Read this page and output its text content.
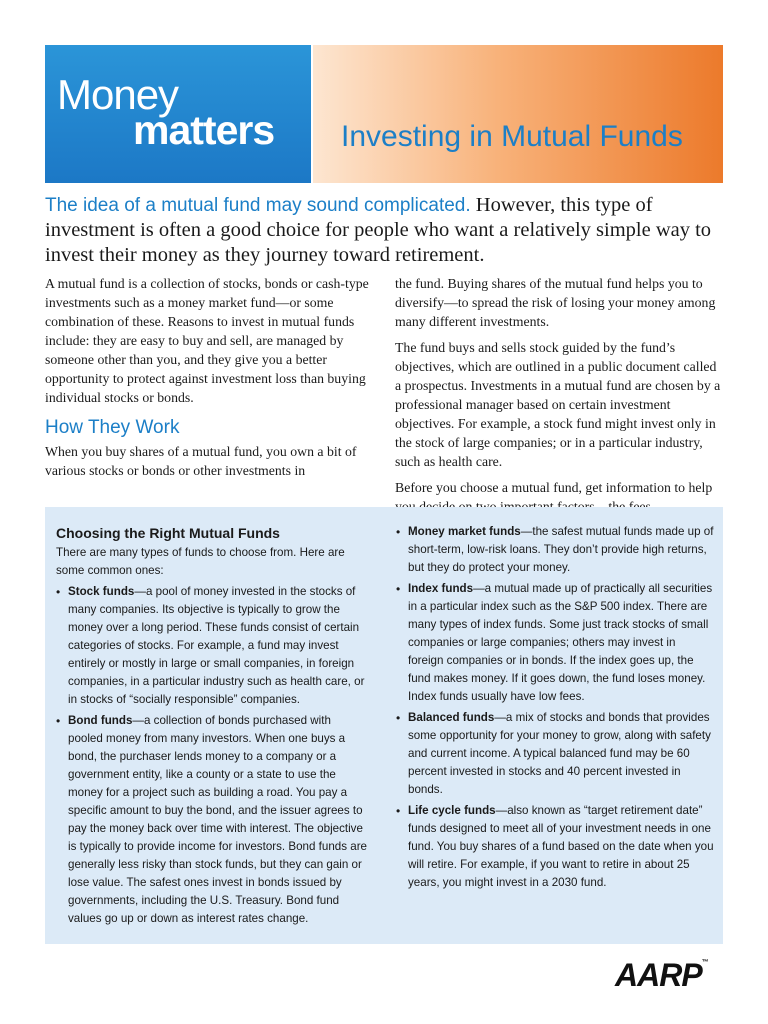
Money
matters Investing in Mutual Funds
The idea of a mutual fund may sound complicated. However, this type of investment is often a good choice for people who want a relatively simple way to invest their money as they journey toward retirement.

A mutual fund is a collection of stocks, bonds or cash-type investments such as a money market fund—or some combination of these. Reasons to invest in mutual funds include: they are easy to buy and sell, are managed by someone other than you, and they give you a better opportunity to protect against investment loss than buying individual stocks or bonds.

How They Work

When you buy shares of a mutual fund, you own a bit of various stocks or bonds or other investments in

the fund. Buying shares of the mutual fund helps you to diversify—to spread the risk of losing your money among many different investments.

The fund buys and sells stock guided by the fund’s objectives, which are outlined in a public document called a prospectus. Investments in a mutual fund are chosen by a professional manager based on certain investment objectives. For example, a stock fund might invest only in the stock of large companies; or in a particular industry, such as health care.

Before you choose a mutual fund, get information to help

Choosing the Right Mutual Funds

There are many types of funds to choose from. Here are some common ones:

• Stock funds—a pool of money invested in the stocks of many companies. Its objective is typically to grow the money over a long period. These funds consist of certain categories of stocks. For example, a fund may invest entirely or mostly in large or small companies, in foreign companies, in a particular industry such as health care, or in stocks of “socially responsible” companies.
• Bond funds—a collection of bonds purchased with pooled money from many investors. When one buys a bond, the purchaser lends money to a company or a government entity, like a county or a state to use the money for a project such as building a road. You pay a specific amount to buy the bond, and the issuer agrees to pay the money back over time with interest. The objective is typically to provide income for investors. Bond funds are generally less risky than stock funds, but they can gain or lose value. The safest ones invest in bonds issued by governments, including the U.S. Treasury. Bond fund values go up or down as interest rates change.
• Money market funds—the safest mutual funds made up of short-term, low-risk loans. They don’t provide high returns, but they do protect your money.
• Index funds—a mutual made up of practically all securities in a particular index such as the S&P 500 index. There are many types of index funds. Some just track stocks of small companies or large companies; others may invest in foreign companies or in bonds. If the index goes up, the fund makes money. If it goes down, the fund loses money. Index funds usually have low fees.
• Balanced funds—a mix of stocks and bonds that provides some opportunity for your money to grow, along with safety and current income. A typical balanced fund may be 60 percent invested in stocks and 40 percent invested in bonds.
• Life cycle funds—also known as “target retirement date” funds designed to meet all of your investment needs in one fund. You buy shares of a fund based on the date when you will retire. For example, if you want to retire in about 25 years, you might invest in a 2030 fund.
AARP™
